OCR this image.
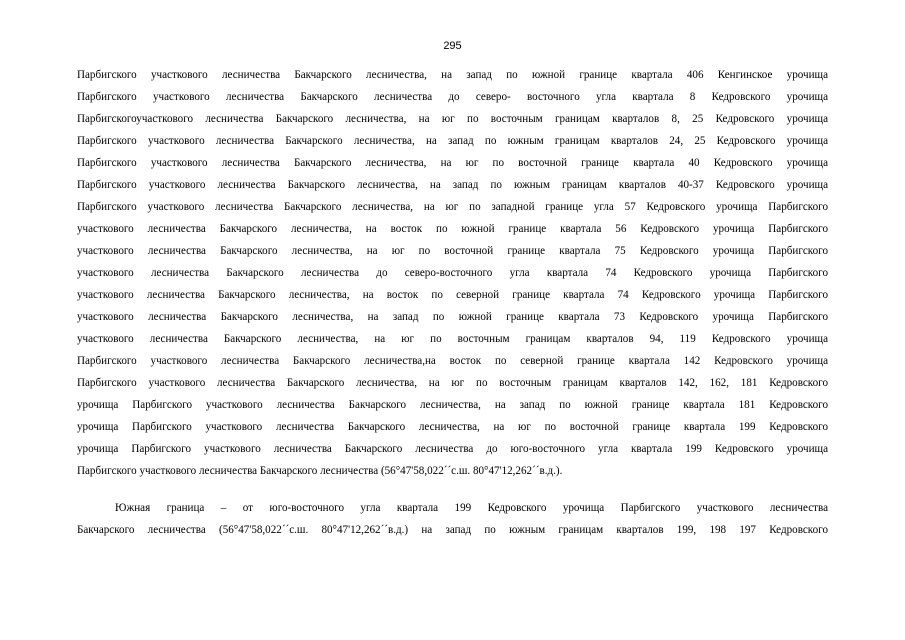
295
Парбигского участкового лесничества Бакчарского лесничества, на запад по южной границе квартала 406 Кенгинское урочища
Парбигского участкового лесничества Бакчарского лесничества до северо- восточного угла квартала 8 Кедровского урочища
Парбигскогоучасткового лесничества Бакчарского лесничества, на юг по восточным границам кварталов 8, 25 Кедровского урочища
Парбигского участкового лесничества Бакчарского лесничества, на запад по южным границам кварталов 24, 25 Кедровского урочища
Парбигского участкового лесничества Бакчарского лесничества, на юг по восточной границе квартала 40 Кедровского урочища
Парбигского участкового лесничества Бакчарского лесничества, на запад по южным границам кварталов 40-37 Кедровского урочища
Парбигского участкового лесничества Бакчарского лесничества, на юг по западной границе угла 57 Кедровского урочища Парбигского
участкового лесничества Бакчарского лесничества, на восток по южной границе квартала 56 Кедровского урочища Парбигского
участкового лесничества Бакчарского лесничества, на юг по восточной границе квартала 75 Кедровского урочища Парбигского
участкового лесничества Бакчарского лесничества до северо-восточного угла квартала 74 Кедровского урочища Парбигского
участкового лесничества Бакчарского лесничества, на восток по северной границе квартала 74 Кедровского урочища Парбигского
участкового лесничества Бакчарского лесничества, на запад по южной границе квартала 73 Кедровского урочища Парбигского
участкового лесничества Бакчарского лесничества, на юг по восточным границам кварталов 94, 119 Кедровского урочища
Парбигского участкового лесничества Бакчарского лесничества,на восток по северной границе квартала 142 Кедровского урочища
Парбигского участкового лесничества Бакчарского лесничества, на юг по восточным границам кварталов 142, 162, 181 Кедровского
урочища Парбигского участкового лесничества Бакчарского лесничества, на запад по южной границе квартала 181 Кедровского
урочища Парбигского участкового лесничества Бакчарского лесничества, на юг по восточной границе квартала 199 Кедровского
урочища Парбигского участкового лесничества Бакчарского лесничества до юго-восточного угла квартала 199 Кедровского урочища
Парбигского участкового лесничества Бакчарского лесничества (56°47'58,022´´с.ш. 80°47'12,262´´в.д.).
Южная граница – от юго-восточного угла квартала 199 Кедровского урочища Парбигского участкового лесничества
Бакчарского лесничества (56°47'58,022´´с.ш. 80°47'12,262´´в.д.) на запад по южным границам кварталов 199, 198 197 Кедровского
